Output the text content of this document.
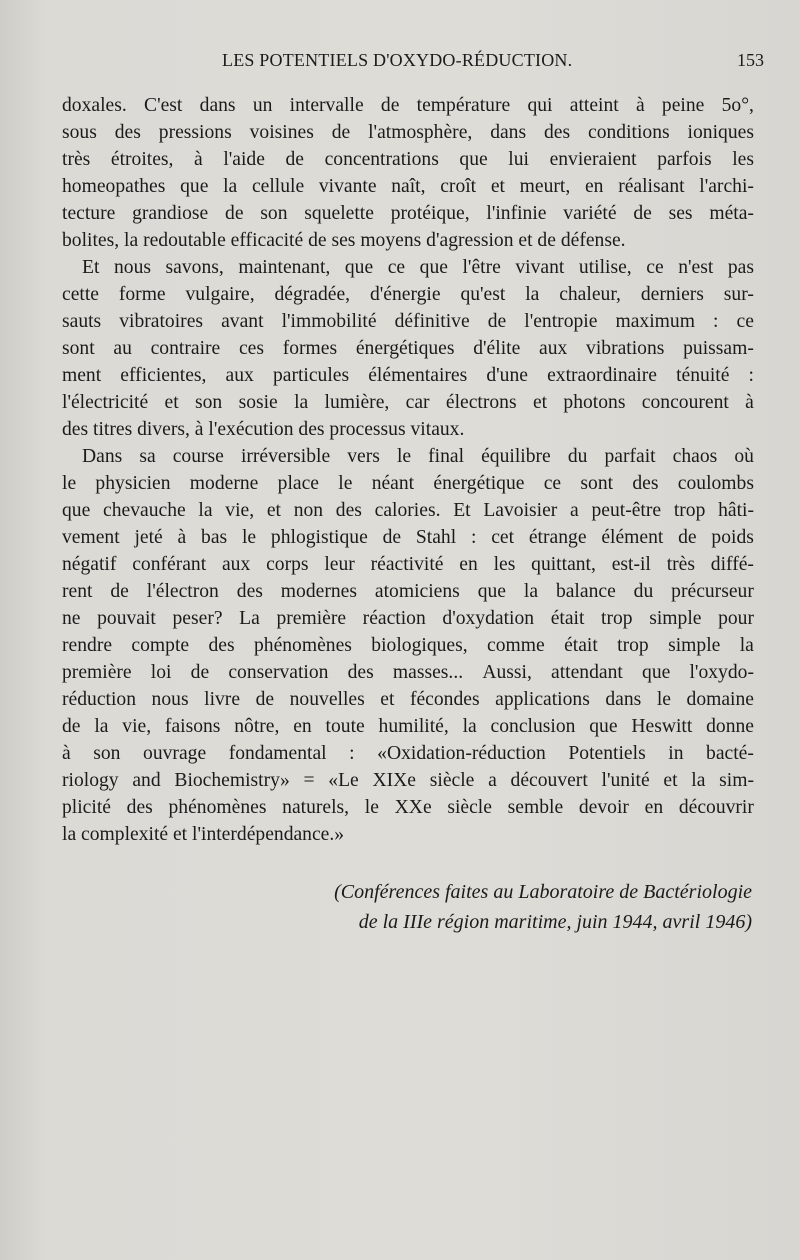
LES POTENTIELS D'OXYDO-RÉDUCTION.	153
doxales. C'est dans un intervalle de température qui atteint à peine 5o°,
sous des pressions voisines de l'atmosphère, dans des conditions ioniques
très étroites, à l'aide de concentrations que lui envieraient parfois les
homeopathes que la cellule vivante naît, croît et meurt, en réalisant l'archi-
tecture grandiose de son squelette protéique, l'infinie variété de ses méta-
bolites, la redoutable efficacité de ses moyens d'agression et de défense.
Et nous savons, maintenant, que ce que l'être vivant utilise, ce n'est pas
cette forme vulgaire, dégradée, d'énergie qu'est la chaleur, derniers sur-
sauts vibratoires avant l'immobilité définitive de l'entropie maximum : ce
sont au contraire ces formes énergétiques d'élite aux vibrations puissam-
ment efficientes, aux particules élémentaires d'une extraordinaire ténuité :
l'électricité et son sosie la lumière, car électrons et photons concourent à
des titres divers, à l'exécution des processus vitaux.
Dans sa course irréversible vers le final équilibre du parfait chaos où
le physicien moderne place le néant énergétique ce sont des coulombs
que chevauche la vie, et non des calories. Et Lavoisier a peut-être trop hâti-
vement jeté à bas le phlogistique de Stahl : cet étrange élément de poids
négatif conférant aux corps leur réactivité en les quittant, est-il très diffé-
rent de l'électron des modernes atomiciens que la balance du précurseur
ne pouvait peser? La première réaction d'oxydation était trop simple pour
rendre compte des phénomènes biologiques, comme était trop simple la
première loi de conservation des masses... Aussi, attendant que l'oxydo-
réduction nous livre de nouvelles et fécondes applications dans le domaine
de la vie, faisons nôtre, en toute humilité, la conclusion que Heswitt donne
à son ouvrage fondamental : «Oxidation-réduction Potentiels in bacté-
riology and Biochemistry» = «Le XIXe siècle a découvert l'unité et la sim-
plicité des phénomènes naturels, le XXe siècle semble devoir en découvrir
la complexité et l'interdépendance.»
(Conférences faites au Laboratoire de Bactériologie
de la IIIe région maritime, juin 1944, avril 1946)
